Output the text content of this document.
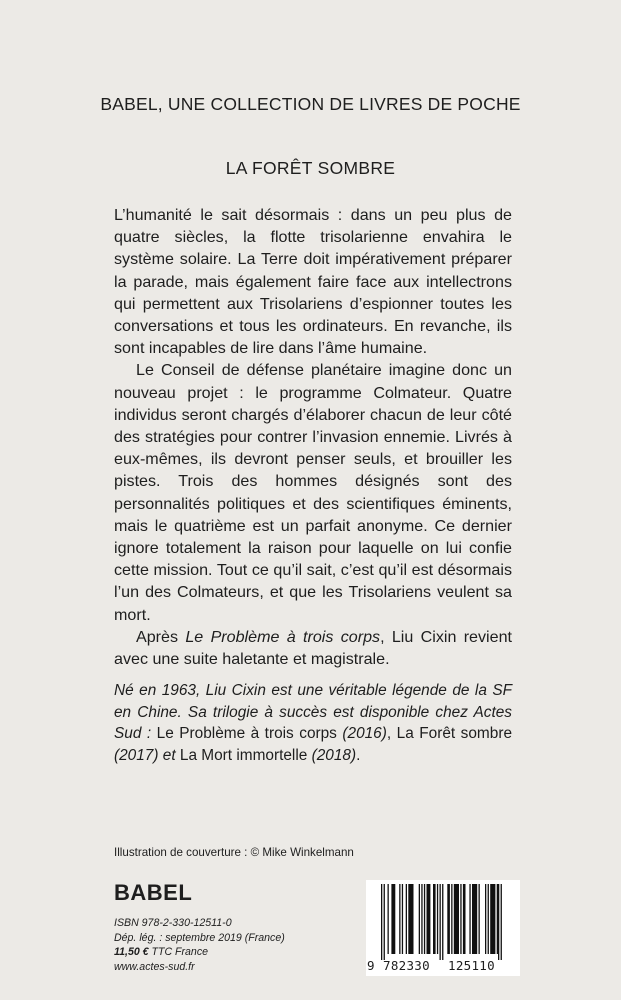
BABEL, UNE COLLECTION DE LIVRES DE POCHE
LA FORÊT SOMBRE

L’humanité le sait désormais : dans un peu plus de quatre siècles, la flotte trisolarienne envahira le système solaire. La Terre doit impérativement préparer la parade, mais également faire face aux intellectrons qui permettent aux Trisolariens d’espionner toutes les conversations et tous les ordinateurs. En revanche, ils sont incapables de lire dans l’âme humaine.

Le Conseil de défense planétaire imagine donc un nouveau projet : le programme Colmateur. Quatre individus seront chargés d’élaborer chacun de leur côté des stratégies pour contrer l’invasion ennemie. Livrés à eux-mêmes, ils devront penser seuls, et brouiller les pistes. Trois des hommes désignés sont des personnalités politiques et des scientifiques éminents, mais le quatrième est un parfait anonyme. Ce dernier ignore totalement la raison pour laquelle on lui confie cette mission. Tout ce qu’il sait, c’est qu’il est désormais l’un des Colmateurs, et que les Trisolariens veulent sa mort.

Après Le Problème à trois corps, Liu Cixin revient avec une suite haletante et magistrale.

Né en 1963, Liu Cixin est une véritable légende de la SF en Chine. Sa trilogie à succès est disponible chez Actes Sud : Le Problème à trois corps (2016), La Forêt sombre (2017) et La Mort immortelle (2018).

Illustration de couverture : © Mike Winkelmann
BABEL
ISBN 978-2-330-12511-0
Dép. lég. : septembre 2019 (France)
11,50 € TTC France
www.actes-sud.fr	9 782330 125110
